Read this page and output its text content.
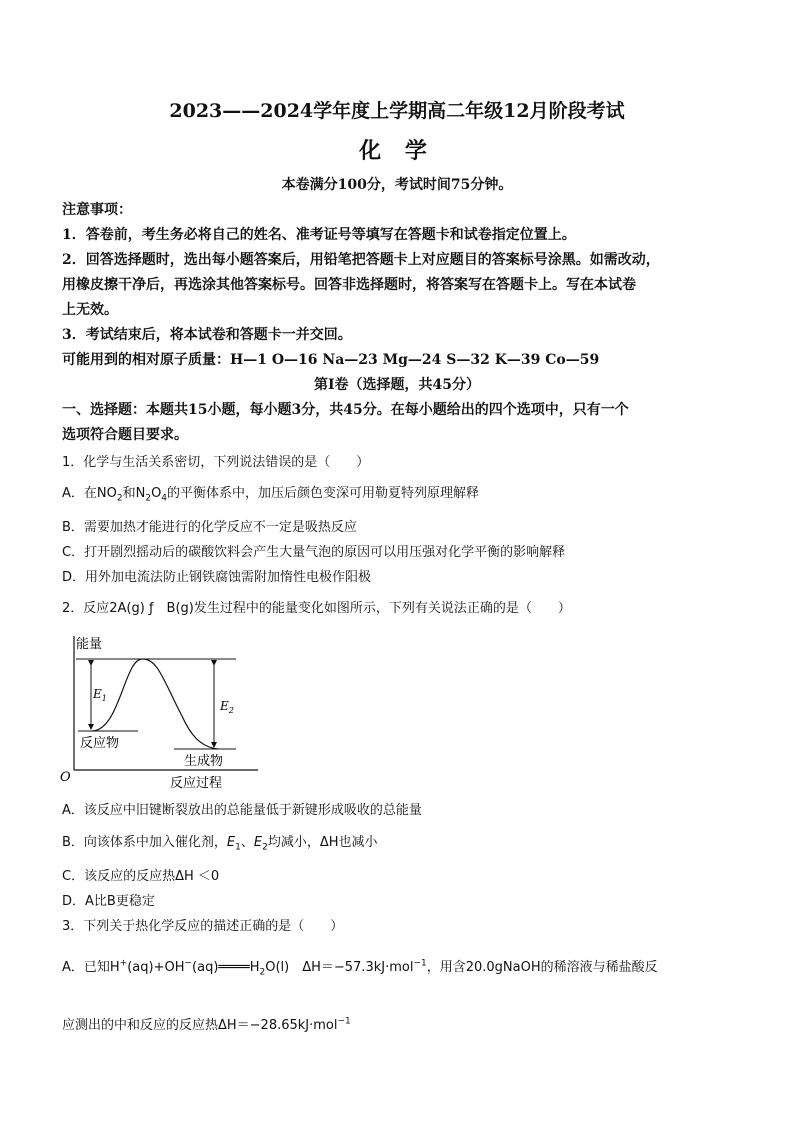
2023——2024学年度上学期高二年级12月阶段考试
化 学
本卷满分100分，考试时间75分钟。
注意事项：
1．答卷前，考生务必将自己的姓名、准考证号等填写在答题卡和试卷指定位置上。
2．回答选择题时，选出每小题答案后，用铅笔把答题卡上对应题目的答案标号涂黑。如需改动，
用橡皮擦干净后，再选涂其他答案标号。回答非选择题时，将答案写在答题卡上。写在本试卷
上无效。
3．考试结束后，将本试卷和答题卡一并交回。
可能用到的相对原子质量：H—1 O—16 Na—23 Mg—24 S—32 K—39 Co—59
第Ⅰ卷（选择题，共45分）
一、选择题：本题共15小题，每小题3分，共45分。在每小题给出的四个选项中，只有一个
选项符合题目要求。
1．化学与生活关系密切，下列说法错误的是（　　）
A．在$NO_2$和$N_2O_4$的平衡体系中，加压后颜色变深可用勒夏特列原理解释
B．需要加热才能进行的化学反应不一定是吸热反应
C．打开剧烈摇动后的碳酸饮料会产生大量气泡的原因可以用压强对化学平衡的影响解释
D．用外加电流法防止钢铁腐蚀需附加惰性电极作阳极
2．反应2A(g) ƒ　B(g)发生过程中的能量变化如图所示，下列有关说法正确的是（　　）
能量
O	反应过程
$E_1$
$E_2$
反应物
生成物
A．该反应中旧键断裂放出的总能量低于新键形成吸收的总能量
B．向该体系中加入催化剂，$E_1$、$E_2$均减小，ΔH也减小
C．该反应的反应热ΔH ＜0
D．A比B更稳定
3．下列关于热化学反应的描述正确的是（　　）
A．已知$H^+(aq)+OH^-(aq)════H_2O(l)$　ΔH＝−57.3kJ·mol$^{-1}$，用含20.0gNaOH的稀溶液与稀盐酸反
应测出的中和反应的反应热ΔH＝−28.65kJ·mol$^{-1}$
